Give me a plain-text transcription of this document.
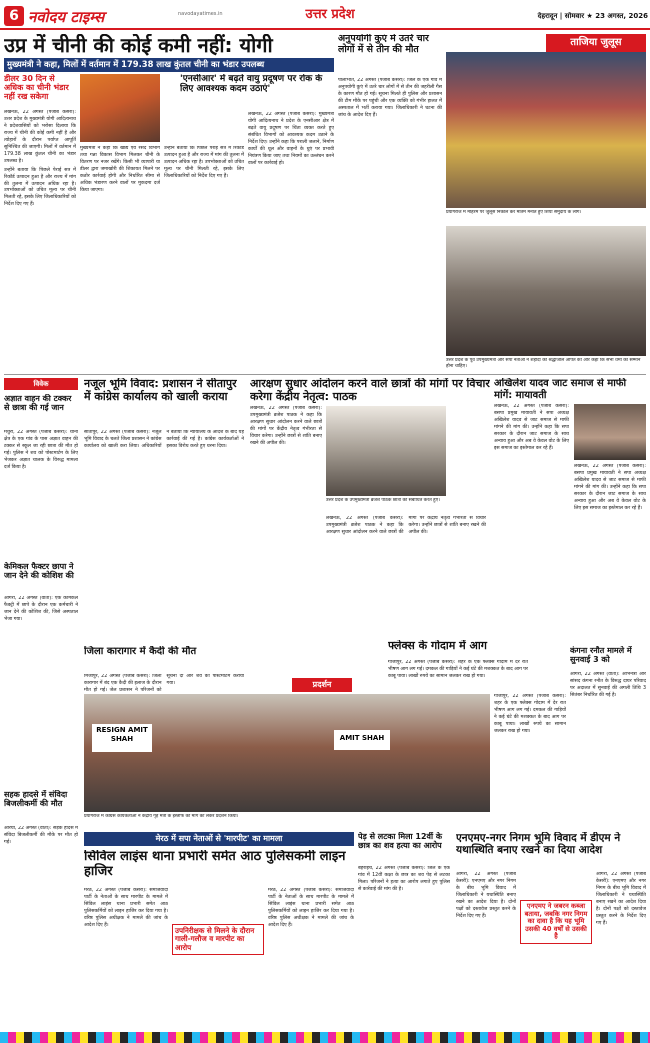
6 नवोदय टाइम्स	navodayatimes.in	उत्तर प्रदेश	देहरादून | सोमवार ★ 23 अगस्त, 2026
उप्र में चीनी की कोई कमी नहीं: योगी
मुख्यमंत्री ने कहा, मिलों में वर्तमान में 179.38 लाख कुंतल चीनी का भंडार उपलब्ध
डीलर 30 दिन से अधिक का चीनी भंडार नहीं रख सकेगा

लखनऊ, 22 अगस्त (पंजाब केसरी): उत्तर प्रदेश के मुख्यमंत्री योगी आदित्यनाथ ने प्रदेशवासियों को भरोसा दिलाया कि राज्य में चीनी की कोई कमी नहीं है और त्योहारों के दौरान पर्याप्त आपूर्ति सुनिश्चित की जाएगी। मिलों में वर्तमान में 179.38 लाख कुंतल चीनी का भंडार उपलब्ध है।

उन्होंने बताया कि पिछले पेराई सत्र में रिकॉर्ड उत्पादन हुआ है और राज्य में मांग की तुलना में उत्पादन अधिक रहा है। उपभोक्ताओं को उचित मूल्य पर चीनी मिलती रहे, इसके लिए जिलाधिकारियों को निर्देश दिए गए हैं।

मुख्यमंत्री ने कहा कि खाद्य एवं रसद विभाग तथा गन्ना विकास विभाग मिलकर चीनी के वितरण पर नजर रखेंगे। किसी भी व्यापारी या डीलर द्वारा जमाखोरी की शिकायत मिलने पर कठोर कार्रवाई होगी और निर्धारित सीमा से अधिक भंडारण करने वालों पर मुकदमा दर्ज किया जाएगा।

उन्होंने बताया कि पिछले पेराई सत्र में रिकॉर्ड उत्पादन हुआ है और राज्य में मांग की तुलना में उत्पादन अधिक रहा है। उपभोक्ताओं को उचित मूल्य पर चीनी मिलती रहे, इसके लिए जिलाधिकारियों को निर्देश दिए गए हैं।

'एनसीआर' में बढ़ते वायु प्रदूषण पर रोक के लिए आवश्यक कदम उठाएं'

लखनऊ, 22 अगस्त (पंजाब केसरी): मुख्यमंत्री योगी आदित्यनाथ ने प्रदेश के एनसीआर क्षेत्र में बढ़ते वायु प्रदूषण पर चिंता व्यक्त करते हुए संबंधित विभागों को आवश्यक कदम उठाने के निर्देश दिए। उन्होंने कहा कि पराली जलाने, निर्माण कार्यों की धूल और वाहनों के धुएं पर प्रभावी नियंत्रण किया जाए तथा नियमों का उल्लंघन करने वालों पर कार्रवाई हो।

अनुपयोगी कुएं में उतरे चार लोगों में से तीन की मौत

पीलीभीत, 22 अगस्त (पंजाब केसरी): जिले के एक गांव में अनुपयोगी कुएं में उतरे चार लोगों में से तीन की जहरीली गैस के कारण मौत हो गई। सूचना मिलते ही पुलिस और प्रशासन की टीम मौके पर पहुंची और एक व्यक्ति को गंभीर हालत में अस्पताल में भर्ती कराया गया। जिलाधिकारी ने घटना की जांच के आदेश दिए हैं।

ताजिया जुलूस
प्रयागराज में मोहर्रम पर जुलूस निकाल कर मातम मनाते हुए शिया समुदाय के लोग।
उत्तर प्रदेश के पूर्व उपमुख्यमंत्री और सपा नेताओं ने शहीदों को श्रद्धांजलि अर्पित की और कहा कि सभी धर्मों का सम्मान होना चाहिए।
विवेक
अज्ञात वाहन की टक्कर से छात्रा की गई जान

मथुरा, 22 अगस्त (पंजाब केसरी): थाना क्षेत्र के एक गांव के पास अज्ञात वाहन की टक्कर से स्कूल जा रही छात्रा की मौत हो गई। पुलिस ने शव को पोस्टमार्टम के लिए भेजकर अज्ञात चालक के विरुद्ध मामला दर्ज किया है।

केमिकल फैक्टर छापा ने जान देने की कोशिश की

आगरा, 22 अगस्त (वार्ता): एक केमिकल फैक्ट्री में छापे के दौरान एक कर्मचारी ने जान देने की कोशिश की, जिसे अस्पताल भेजा गया।

सहक हादसे में संविदा बिजलीकर्मी की मौत

औरैया, 22 अगस्त (वार्ता): सड़क हादसे में संविदा बिजलीकर्मी की मौके पर मौत हो गई।

नजूल भूमि विवाद: प्रशासन ने सीतापुर में कांग्रेस कार्यालय को खाली कराया

सीतापुर, 22 अगस्त (पंजाब केसरी): नजूल भूमि विवाद के चलते जिला प्रशासन ने कांग्रेस कार्यालय को खाली करा लिया। अधिकारियों ने बताया कि न्यायालय के आदेश के बाद यह कार्रवाई की गई है। कांग्रेस कार्यकर्ताओं ने इसका विरोध करते हुए धरना दिया।

जिला कारागार में कैदी की मौत

मिर्जापुर, 22 अगस्त (पंजाब केसरी): जिला कारागार में बंद एक कैदी की इलाज के दौरान मौत हो गई। जेल प्रशासन ने परिजनों को सूचना दी और शव का पोस्टमार्टम कराया गया।

आरक्षण सुधार आंदोलन करने वाले छात्रों की मांगों पर विचार करेगा केंद्रीय नेतृत्व: पाठक

लखनऊ, 22 अगस्त (पंजाब केसरी): उपमुख्यमंत्री ब्रजेश पाठक ने कहा कि आरक्षण सुधार आंदोलन करने वाले छात्रों की मांगों पर केंद्रीय नेतृत्व गंभीरता से विचार करेगा। उन्होंने छात्रों से शांति बनाए रखने की अपील की।

उत्तर प्रदेश के उपमुख्यमंत्री ब्रजेश पाठक छात्रों को संबोधित करते हुए।

लखनऊ, 22 अगस्त (पंजाब केसरी): उपमुख्यमंत्री ब्रजेश पाठक ने कहा कि आरक्षण सुधार आंदोलन करने वाले छात्रों की मांगों पर केंद्रीय नेतृत्व गंभीरता से विचार करेगा। उन्होंने छात्रों से शांति बनाए रखने की अपील की।

अखिलेश यादव जाट समाज से माफी मांगें: मायावती

लखनऊ, 22 अगस्त (पंजाब केसरी): बसपा प्रमुख मायावती ने सपा अध्यक्ष अखिलेश यादव से जाट समाज से माफी मांगने की मांग की। उन्होंने कहा कि सपा सरकार के दौरान जाट समाज के साथ अन्याय हुआ और अब वे केवल वोट के लिए इस समाज का इस्तेमाल कर रहे हैं।

लखनऊ, 22 अगस्त (पंजाब केसरी): बसपा प्रमुख मायावती ने सपा अध्यक्ष अखिलेश यादव से जाट समाज से माफी मांगने की मांग की। उन्होंने कहा कि सपा सरकार के दौरान जाट समाज के साथ अन्याय हुआ और अब वे केवल वोट के लिए इस समाज का इस्तेमाल कर रहे हैं।

प्रदर्शन
RESIGN AMIT SHAH	AMIT SHAH
प्रयागराज में कांग्रेस कार्यकर्ताओं ने केंद्रीय गृह मंत्री के इस्तीफे की मांग को लेकर प्रदर्शन किया।
फ्लेक्स के गोदाम में आग

गाजीपुर, 22 अगस्त (पंजाब केसरी): शहर के एक फ्लेक्स गोदाम में देर रात भीषण आग लग गई। दमकल की गाड़ियों ने कई घंटे की मशक्कत के बाद आग पर काबू पाया। लाखों रुपये का सामान जलकर राख हो गया।

गाजीपुर, 22 अगस्त (पंजाब केसरी): शहर के एक फ्लेक्स गोदाम में देर रात भीषण आग लग गई। दमकल की गाड़ियों ने कई घंटे की मशक्कत के बाद आग पर काबू पाया। लाखों रुपये का सामान जलकर राख हो गया।

कंगना रनौत मामले में सुनवाई 3 को

आगरा, 22 अगस्त (वार्ता): अभिनेत्री और सांसद कंगना रनौत के विरुद्ध दायर परिवाद पर अदालत में सुनवाई की अगली तिथि 3 सितंबर निर्धारित की गई है।

मेरठ में सपा नेताओं से 'मारपीट' का मामला
सिविल लाइंस थाना प्रभारी समेत आठ पुलिसकर्मी लाइन हाजिर

मेरठ, 22 अगस्त (पंजाब केसरी): समाजवादी पार्टी के नेताओं के साथ मारपीट के मामले में सिविल लाइंस थाना प्रभारी समेत आठ पुलिसकर्मियों को लाइन हाजिर कर दिया गया है। वरिष्ठ पुलिस अधीक्षक ने मामले की जांच के आदेश दिए हैं।

उपनिरीक्षक से मिलने के दौरान गाली-गलौज व मारपीट का आरोप

मेरठ, 22 अगस्त (पंजाब केसरी): समाजवादी पार्टी के नेताओं के साथ मारपीट के मामले में सिविल लाइंस थाना प्रभारी समेत आठ पुलिसकर्मियों को लाइन हाजिर कर दिया गया है। वरिष्ठ पुलिस अधीक्षक ने मामले की जांच के आदेश दिए हैं।

पेड़ से लटका मिला 12वीं के छात्र का शव हत्या का आरोप

बहराइच, 22 अगस्त (पंजाब केसरी): जिले के एक गांव में 12वीं कक्षा के छात्र का शव पेड़ से लटका मिला। परिजनों ने हत्या का आरोप लगाते हुए पुलिस से कार्रवाई की मांग की है।

एनएमए-नगर निगम भूमि विवाद में डीएम ने यथास्थिति बनाए रखने का दिया आदेश

आगरा, 22 अगस्त (पंजाब केसरी): एनएमए और नगर निगम के बीच भूमि विवाद में जिलाधिकारी ने यथास्थिति बनाए रखने का आदेश दिया है। दोनों पक्षों को दस्तावेज प्रस्तुत करने के निर्देश दिए गए हैं।

एनएमए ने जबरन कब्जा बताया, जबकि नगर निगम का दावा है कि यह भूमि उसकी 40 वर्षों से उसकी है

आगरा, 22 अगस्त (पंजाब केसरी): एनएमए और नगर निगम के बीच भूमि विवाद में जिलाधिकारी ने यथास्थिति बनाए रखने का आदेश दिया है। दोनों पक्षों को दस्तावेज प्रस्तुत करने के निर्देश दिए गए हैं।
